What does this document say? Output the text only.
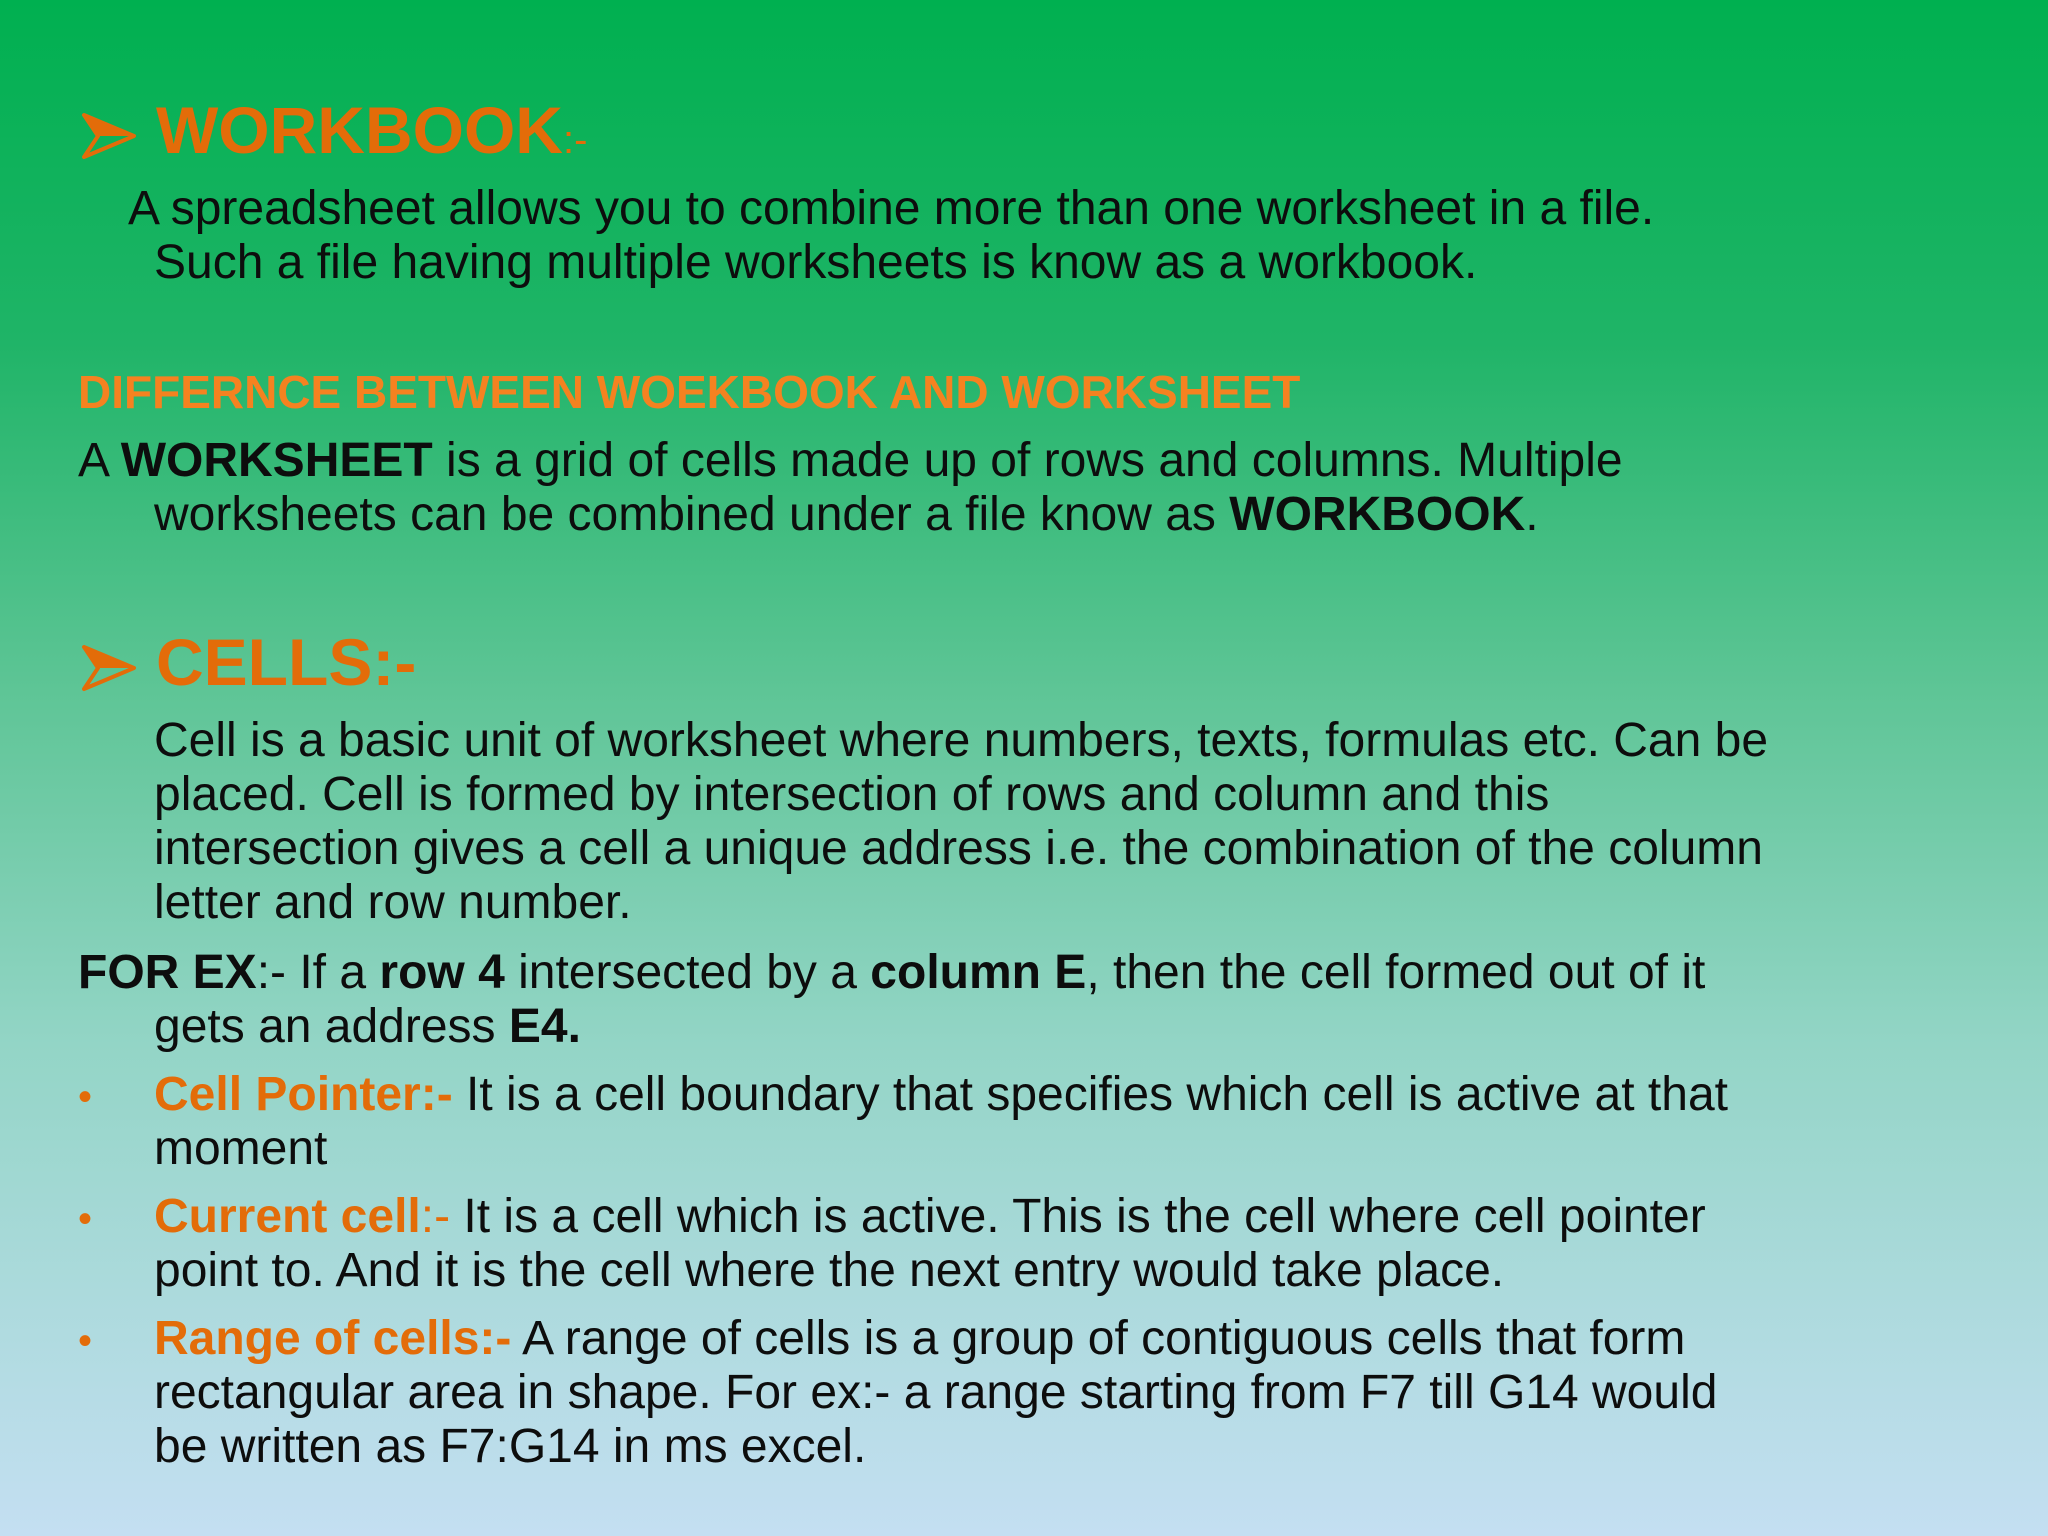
WORKBOOK:-
A spreadsheet allows you to combine more than one worksheet in a file.
Such a file having multiple worksheets is know as a workbook.
DIFFERNCE BETWEEN WOEKBOOK AND WORKSHEET
A WORKSHEET is a grid of cells made up of rows and columns. Multiple
worksheets can be combined under a file know as WORKBOOK.
CELLS:-
Cell is a basic unit of worksheet where numbers, texts, formulas etc. Can be
placed. Cell is formed by intersection of rows and column and this
intersection gives a cell a unique address i.e. the combination of the column
letter and row number.
FOR EX:- If a row 4 intersected by a column E, then the cell formed out of it
gets an address E4.
• Cell Pointer:- It is a cell boundary that specifies which cell is active at that
moment
• Current cell:- It is a cell which is active. This is the cell where cell pointer
point to. And it is the cell where the next entry would take place.
• Range of cells:- A range of cells is a group of contiguous cells that form
rectangular area in shape. For ex:- a range starting from F7 till G14 would
be written as F7:G14 in ms excel.
